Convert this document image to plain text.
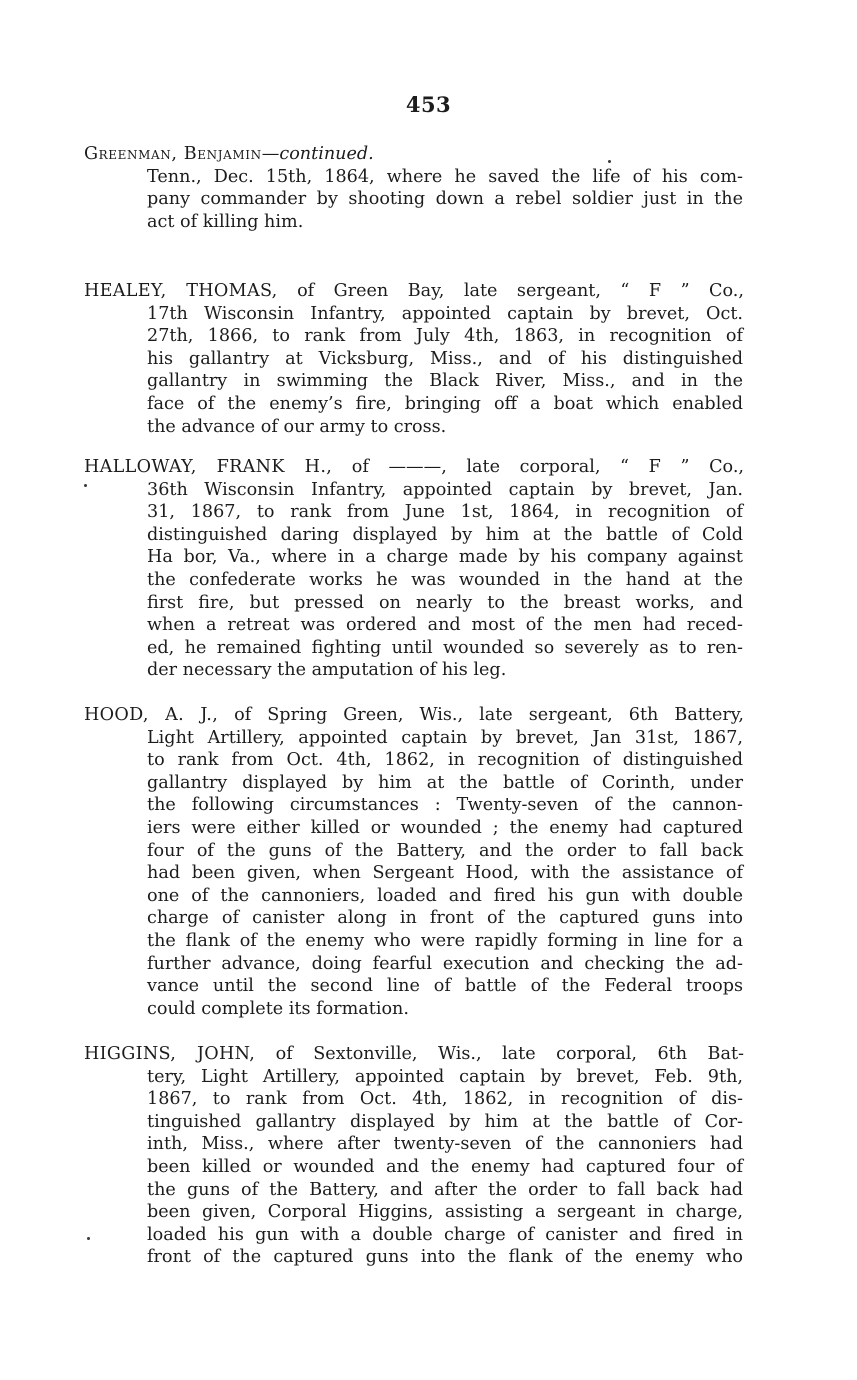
453
Greenman, Benjamin—continued.
Tenn., Dec. 15th, 1864, where he saved the life of his com-
pany commander by shooting down a rebel soldier just in the
act of killing him.
HEALEY, THOMAS, of Green Bay, late sergeant, “ F ” Co.,
17th Wisconsin Infantry, appointed captain by brevet, Oct.
27th, 1866, to rank from July 4th, 1863, in recognition of
his gallantry at Vicksburg, Miss., and of his distinguished
gallantry in swimming the Black River, Miss., and in the
face of the enemy’s fire, bringing off a boat which enabled
the advance of our army to cross.
HALLOWAY, FRANK H., of ———, late corporal, “ F ” Co.,
36th Wisconsin Infantry, appointed captain by brevet, Jan.
31, 1867, to rank from June 1st, 1864, in recognition of
distinguished daring displayed by him at the battle of Cold
Ha bor, Va., where in a charge made by his company against
the confederate works he was wounded in the hand at the
first fire, but pressed on nearly to the breast works, and
when a retreat was ordered and most of the men had reced-
ed, he remained fighting until wounded so severely as to ren-
der necessary the amputation of his leg.
HOOD, A. J., of Spring Green, Wis., late sergeant, 6th Battery,
Light Artillery, appointed captain by brevet, Jan 31st, 1867,
to rank from Oct. 4th, 1862, in recognition of distinguished
gallantry displayed by him at the battle of Corinth, under
the following circumstances : Twenty-seven of the cannon-
iers were either killed or wounded ; the enemy had captured
four of the guns of the Battery, and the order to fall back
had been given, when Sergeant Hood, with the assistance of
one of the cannoniers, loaded and fired his gun with double
charge of canister along in front of the captured guns into
the flank of the enemy who were rapidly forming in line for a
further advance, doing fearful execution and checking the ad-
vance until the second line of battle of the Federal troops
could complete its formation.
HIGGINS, JOHN, of Sextonville, Wis., late corporal, 6th Bat-
tery, Light Artillery, appointed captain by brevet, Feb. 9th,
1867, to rank from Oct. 4th, 1862, in recognition of dis-
tinguished gallantry displayed by him at the battle of Cor-
inth, Miss., where after twenty-seven of the cannoniers had
been killed or wounded and the enemy had captured four of
the guns of the Battery, and after the order to fall back had
been given, Corporal Higgins, assisting a sergeant in charge,
loaded his gun with a double charge of canister and fired in
front of the captured guns into the flank of the enemy who
